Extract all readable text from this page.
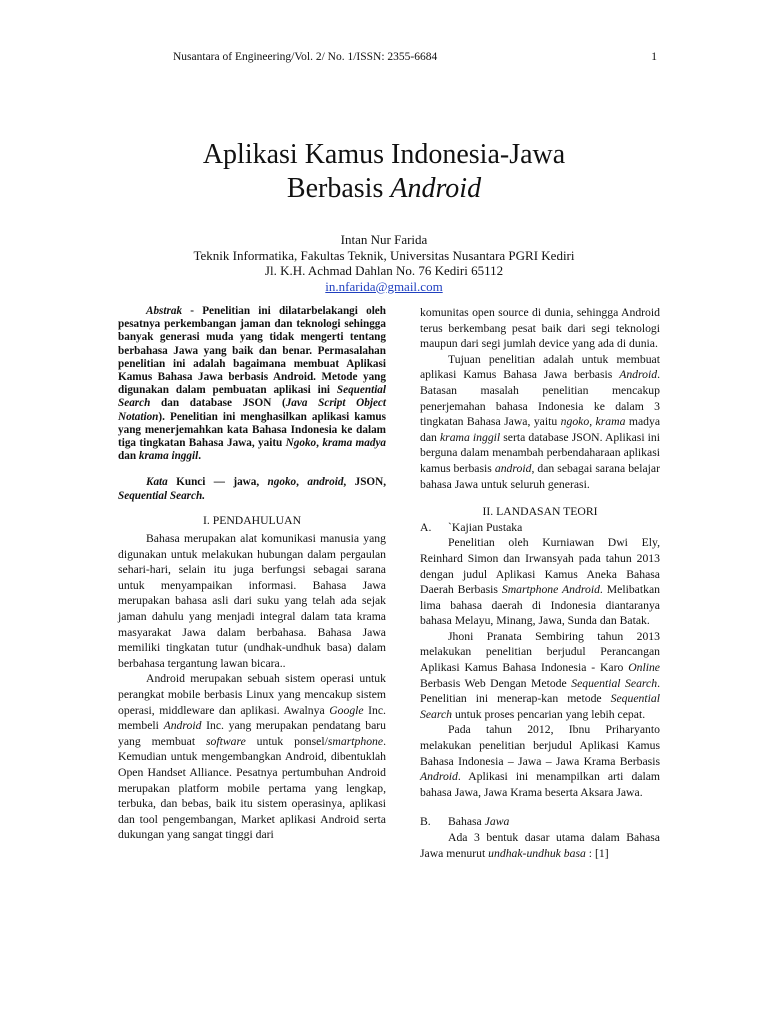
Nusantara of Engineering/Vol. 2/ No. 1/ISSN: 2355-6684	1
Aplikasi Kamus Indonesia-Jawa
Berbasis Android
Intan Nur Farida
Teknik Informatika, Fakultas Teknik, Universitas Nusantara PGRI Kediri
Jl. K.H. Achmad Dahlan No. 76 Kediri 65112
in.nfarida@gmail.com

Abstrak - Penelitian ini dilatarbelakangi oleh pesatnya perkembangan jaman dan teknologi sehingga banyak generasi muda yang tidak mengerti tentang berbahasa Jawa yang baik dan benar. Permasalahan penelitian ini adalah bagaimana membuat Aplikasi Kamus Bahasa Jawa berbasis Android. Metode yang digunakan dalam pembuatan aplikasi ini Sequential Search dan database JSON (Java Script Object Notation). Penelitian ini menghasilkan aplikasi kamus yang menerjemahkan kata Bahasa Indonesia ke dalam tiga tingkatan Bahasa Jawa, yaitu Ngoko, krama madya dan krama inggil.

Kata Kunci — jawa, ngoko, android, JSON, Sequential Search.

I. PENDAHULUAN

Bahasa merupakan alat komunikasi manusia yang digunakan untuk melakukan hubungan dalam pergaulan sehari-hari, selain itu juga berfungsi sebagai sarana untuk menyampaikan informasi. Bahasa Jawa merupakan bahasa asli dari suku yang telah ada sejak jaman dahulu yang menjadi integral dalam tata krama masyarakat Jawa dalam berbahasa. Bahasa Jawa memiliki tingkatan tutur (undhak-undhuk basa) dalam berbahasa tergantung lawan bicara..

Android merupakan sebuah sistem operasi untuk perangkat mobile berbasis Linux yang mencakup sistem operasi, middleware dan aplikasi. Awalnya Google Inc. membeli Android Inc. yang merupakan pendatang baru yang membuat software untuk ponsel/smartphone. Kemudian untuk mengembangkan Android, dibentuklah Open Handset Alliance. Pesatnya pertumbuhan Android merupakan platform mobile pertama yang lengkap, terbuka, dan bebas, baik itu sistem operasinya, aplikasi dan tool pengembangan, Market aplikasi Android serta dukungan yang sangat tinggi dari

komunitas open source di dunia, sehingga Android terus berkembang pesat baik dari segi teknologi maupun dari segi jumlah device yang ada di dunia.

Tujuan penelitian adalah untuk membuat aplikasi Kamus Bahasa Jawa berbasis Android. Batasan masalah penelitian mencakup penerjemahan bahasa Indonesia ke dalam 3 tingkatan Bahasa Jawa, yaitu ngoko, krama madya dan krama inggil serta database JSON. Aplikasi ini berguna dalam menambah perbendaharaan aplikasi kamus berbasis android, dan sebagai sarana belajar bahasa Jawa untuk seluruh generasi.

II. LANDASAN TEORI

A. `Kajian Pustaka

Penelitian oleh Kurniawan Dwi Ely, Reinhard Simon dan Irwansyah pada tahun 2013 dengan judul Aplikasi Kamus Aneka Bahasa Daerah Berbasis Smartphone Android. Melibatkan lima bahasa daerah di Indonesia diantaranya bahasa Melayu, Minang, Jawa, Sunda dan Batak.

Jhoni Pranata Sembiring tahun 2013 melakukan penelitian berjudul Perancangan Aplikasi Kamus Bahasa Indonesia - Karo Online Berbasis Web Dengan Metode Sequential Search. Penelitian ini menerap-kan metode Sequential Search untuk proses pencarian yang lebih cepat.

Pada tahun 2012, Ibnu Priharyanto melakukan penelitian berjudul Aplikasi Kamus Bahasa Indonesia – Jawa – Jawa Krama Berbasis Android. Aplikasi ini menampilkan arti dalam bahasa Jawa, Jawa Krama beserta Aksara Jawa.

B. Bahasa Jawa

Ada 3 bentuk dasar utama dalam Bahasa Jawa menurut undhak-undhuk basa : [1]
